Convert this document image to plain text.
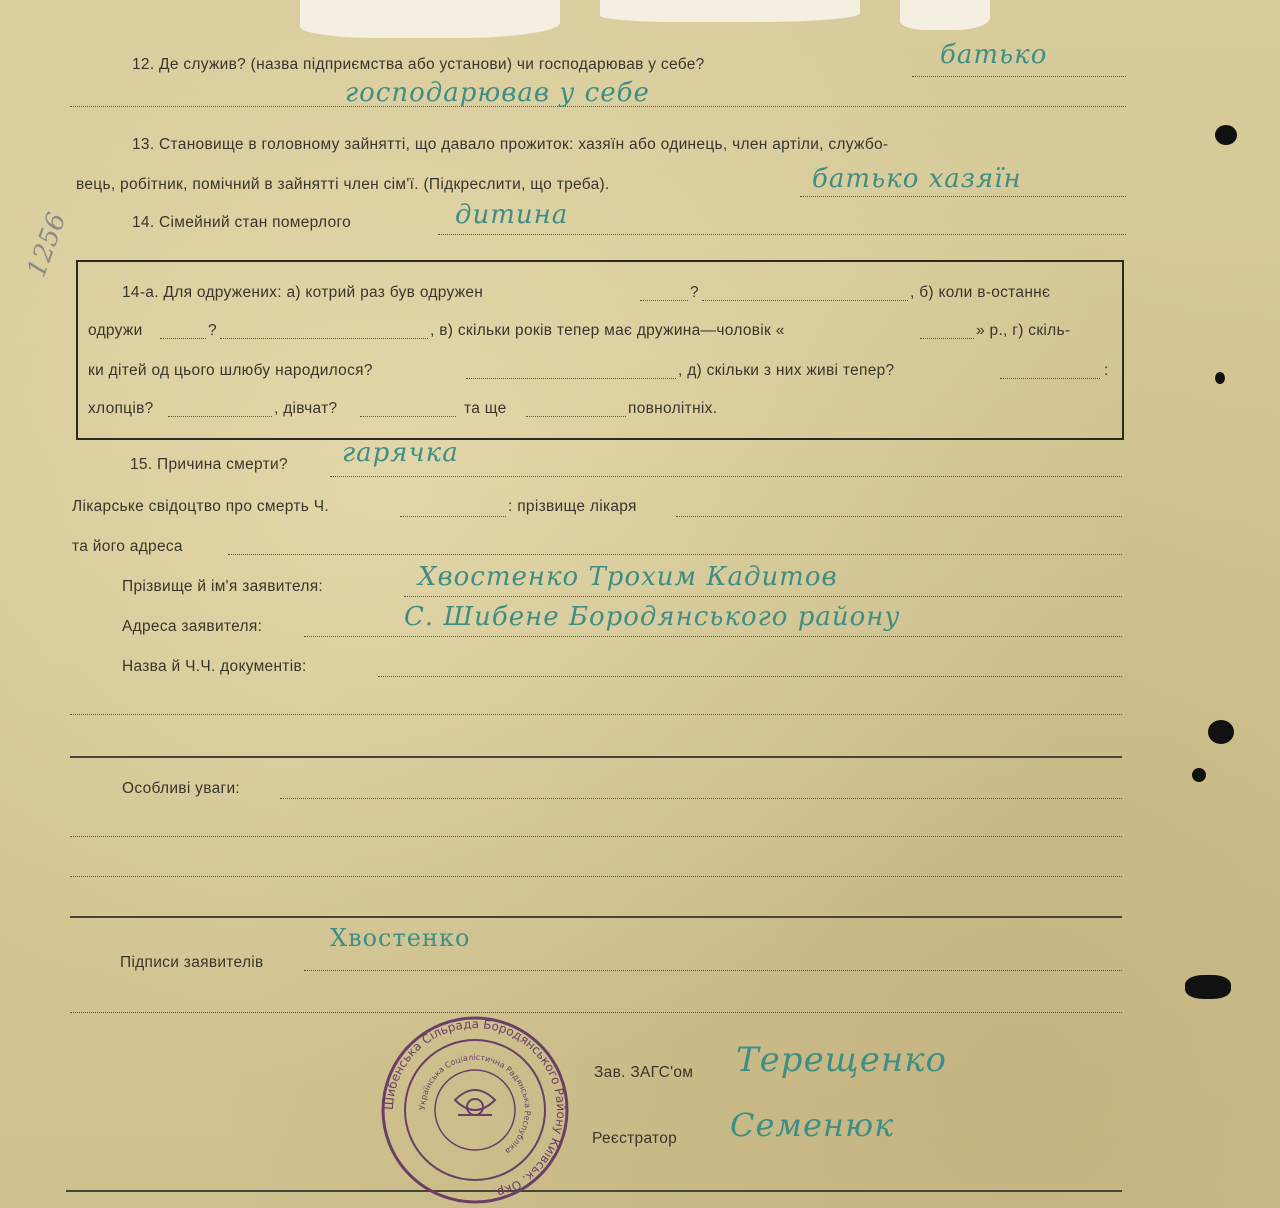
1256
12. Де служив? (назва підприємства або установи) чи господарював у себе?	батько
господарював у себе
13. Становище в головному зайнятті, що давало прожиток: хазяїн або одинець, член артіли, службо-
вець, робітник, помічний в зайнятті член сім'ї. (Підкреслити, що треба).	батько хазяїн
14. Сімейний стан померлого	дитина
14-а. Для одружених: а) котрий раз був одружен	?	, б) коли в-останнє
одружи	?	, в) скільки років тепер має дружина—чоловік «	» р., г) скіль-
ки дітей од цього шлюбу народилося?	, д) скільки з них живі тепер?	:
хлопців?	, дівчат?	та ще	повнолітніх.
15. Причина смерти? гарячка
Лікарське свідоцтво про смерть Ч.	: прізвище лікаря
та його адреса
Прізвище й ім'я заявителя:	Хвостенко Трохим Кадитов
Адреса заявителя:	С. Шибене Бородянського району
Назва й Ч.Ч. документів:
Особливі уваги:
Підписи заявителів
Хвостенко
Зав. ЗАГС'ом Терещенко
Реєстратор Семенюк
Шибенська Сільрада Бородянського Району Київськ. Окр.
Українська Соціалістична Радянська Республіка
